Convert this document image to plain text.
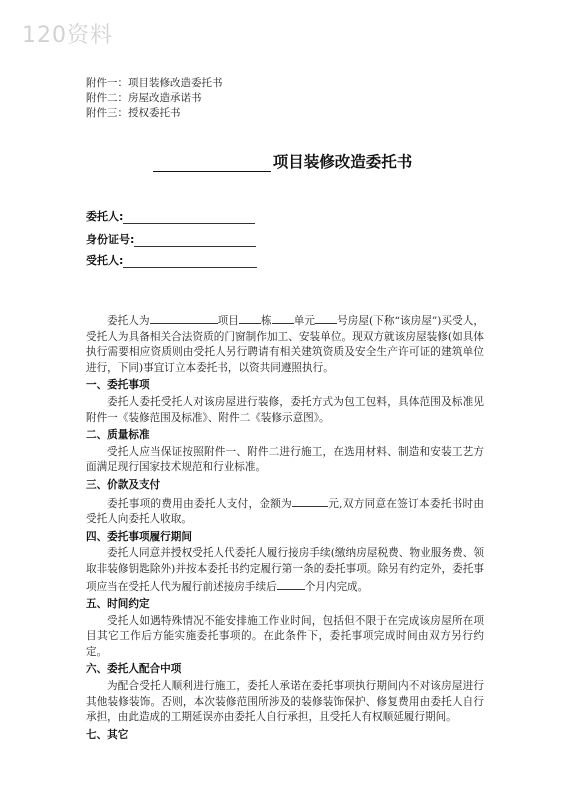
120资料
附件一：项目装修改造委托书
附件二：房屋改造承诺书
附件三：授权委托书
项目装修改造委托书
委托人:
身份证号:
受托人:

委托人为	项目 栋 单元 号房屋(下称“该房屋”)买受人，受托人为具备相关合法资质的门窗制作加工、安装单位。现双方就该房屋装修(如具体执行需要相应资质则由受托人另行聘请有相关建筑资质及安全生产许可证的建筑单位进行，下同)事宜订立本委托书，以资共同遵照执行。

一、委托事项

委托人委托受托人对该房屋进行装修，委托方式为包工包料，具体范围及标准见附件一《装修范围及标准》、附件二《装修示意图》。

二、质量标准

受托人应当保证按照附件一、附件二进行施工，在选用材料、制造和安装工艺方面满足现行国家技术规范和行业标准。

三、价款及支付

委托事项的费用由委托人支付，金额为	元,双方同意在签订本委托书时由受托人向委托人收取。

四、委托事项履行期间

委托人同意并授权受托人代委托人履行接房手续(缴纳房屋税费、物业服务费、领取非装修钥匙除外)并按本委托书约定履行第一条的委托事项。除另有约定外，委托事项应当在受托人代为履行前述接房手续后	个月内完成。

五、时间约定

受托人如遇特殊情况不能安排施工作业时间，包括但不限于在完成该房屋所在项目其它工作后方能实施委托事项的。在此条件下，委托事项完成时间由双方另行约定。

六、委托人配合中项

为配合受托人顺利进行施工，委托人承诺在委托事项执行期间内不对该房屋进行其他装修装饰。否则，本次装修范围所涉及的装修装饰保护、修复费用由委托人自行承担，由此造成的工期延误亦由委托人自行承担，且受托人有权顺延履行期间。

七、其它
